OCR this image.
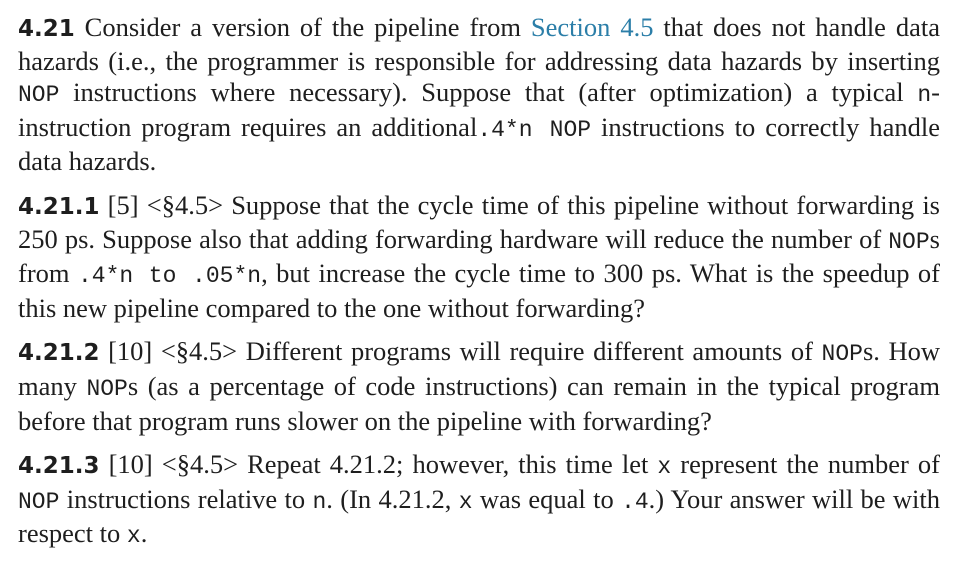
4.21 Consider a version of the pipeline from Section 4.5 that does not handle data hazards (i.e., the programmer is responsible for addressing data hazards by inserting NOP instructions where necessary). Suppose that (after optimization) a typical n-instruction program requires an additional.4*n NOP instructions to correctly handle data hazards.

4.21.1 [5] <§4.5> Suppose that the cycle time of this pipeline without forwarding is 250 ps. Suppose also that adding forwarding hardware will reduce the number of NOPs from .4*n to .05*n, but increase the cycle time to 300 ps. What is the speedup of this new pipeline compared to the one without forwarding?

4.21.2 [10] <§4.5> Different programs will require different amounts of NOPs. How many NOPs (as a percentage of code instructions) can remain in the typical program before that program runs slower on the pipeline with forwarding?

4.21.3 [10] <§4.5> Repeat 4.21.2; however, this time let x represent the number of NOP instructions relative to n. (In 4.21.2, x was equal to .4.) Your answer will be with respect to x.
